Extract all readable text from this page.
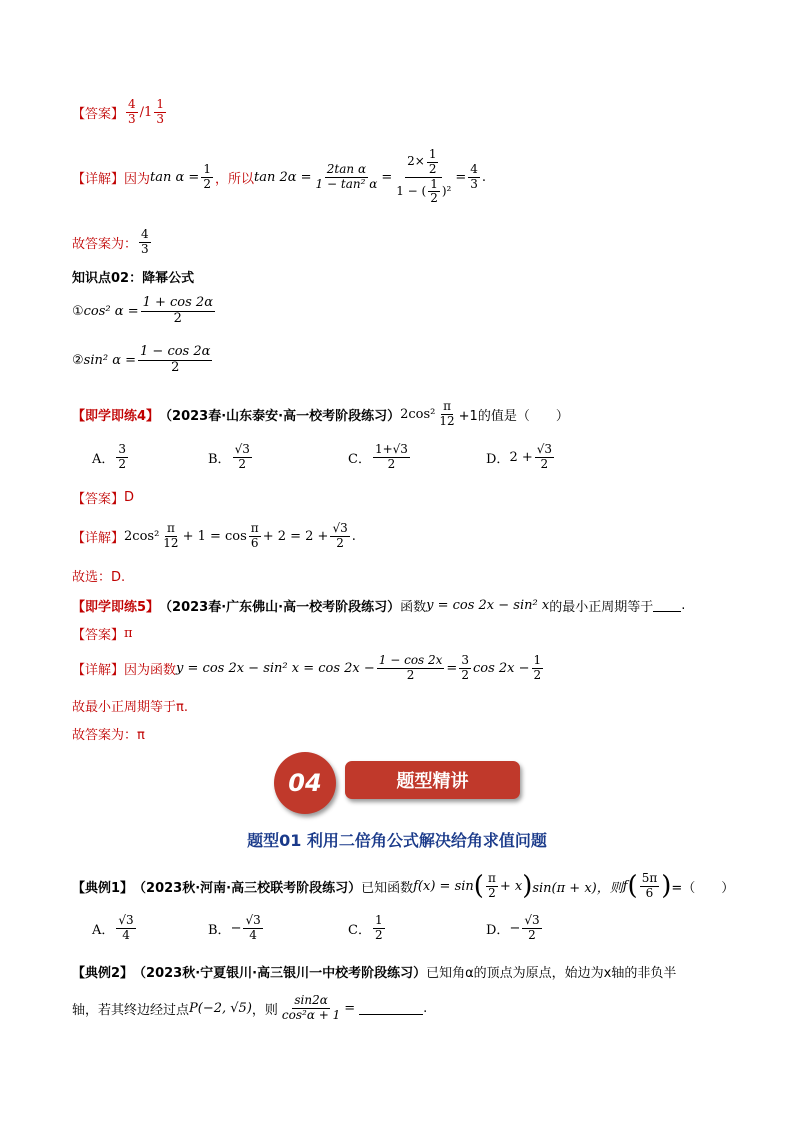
【答案】 $\frac{4}{3} / 1 \frac{1}{3}$
【详解】 因为 $\tan \alpha = \frac{1}{2}$ ，所以 $\tan 2\alpha = \frac{\text{2tan α}}{\text{1 − tan² α}} = \frac{2\times \frac{1}{2}}{1 - ( \frac{1}{2} )^2} = \frac{4}{3}$ .
故答案为： $\frac{4}{3}$
知识点02：降幂公式
① cos² $\alpha = \frac{1 + \cos 2\alpha}{2}$
② sin² $\alpha = \frac{1 - \cos 2\alpha}{2}$
【即学即练4】 （2023春·山东泰安·高一校考阶段练习） $2\cos^2 \frac{\pi}{12} +1$的值是（　　）
A． $\frac{3}{2}$	B． $\frac{√3}{2}$	C． $\frac{1+√3}{2}$	D． $2 + \frac{√3}{2}$
【答案】 D
【详解】 $2\cos^2 \frac{\pi}{12} + 1 = \cos \frac{\pi}{6} + 2 = 2 + \frac{√3}{2}$ .
故选：D.
【即学即练5】 （2023春·广东佛山·高一校考阶段练习） 函数 y = cos 2x − sin² x 的最小正周期等于 .
【答案】 π
【详解】 因为函数 y = cos 2x − sin² $x = \cos 2x - \frac{1 - \cos 2x}{2} = \frac{3}{2}$ $\cos 2x - \frac{1}{2}$
故最小正周期等于π.
故答案为：π
04	题型精讲
题型01 利用二倍角公式解决给角求值问题
【典例1】 （2023秋·河南·高三校联考阶段练习） 已知函数 f(x) = sin ( $\frac{\pi}{2} + x$ ) sin(π + x)，则 f ( $\frac{5\pi}{6}$ ) =（　　）
A． $\frac{√3}{4}$	B． − $\frac{√3}{4}$	C． $\frac{1}{2}$	D． − $\frac{√3}{2}$
【典例2】 （2023秋·宁夏银川·高三银川一中校考阶段练习） 已知角α的顶点为原点，始边为x轴的非负半
轴，若其终边经过点 P(−2, √5) ，则 $\frac{\sin 2\alpha}{\text{cos²α + 1}}$ =	.
